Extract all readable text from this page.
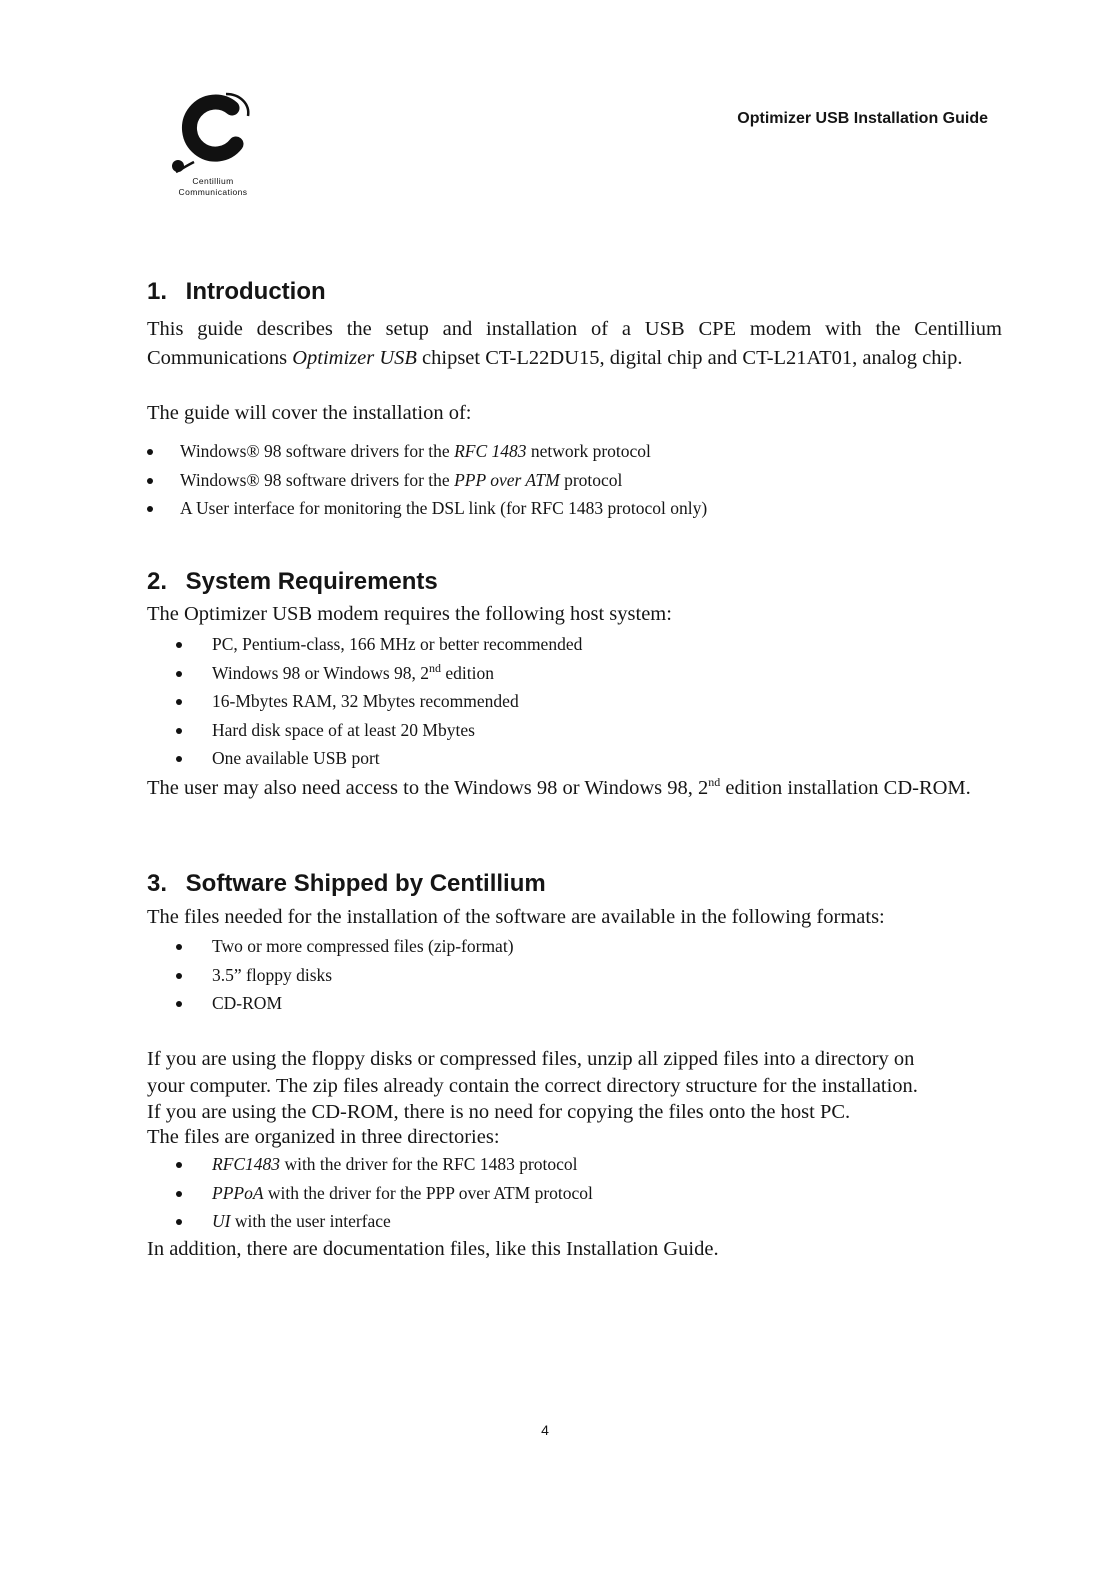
Centillium
Communications
Optimizer USB Installation Guide
1. Introduction

This guide describes the setup and installation of a USB CPE modem with the Centillium Communications Optimizer USB chipset CT-L22DU15, digital chip and CT-L21AT01, analog chip.

The guide will cover the installation of:
Windows® 98 software drivers for the RFC 1483 network protocol
Windows® 98 software drivers for the PPP over ATM protocol
A User interface for monitoring the DSL link (for RFC 1483 protocol only)
2. System Requirements
The Optimizer USB modem requires the following host system:
PC, Pentium-class, 166 MHz or better recommended
Windows 98 or Windows 98, 2nd edition
16-Mbytes RAM, 32 Mbytes recommended
Hard disk space of at least 20 Mbytes
One available USB port

The user may also need access to the Windows 98 or Windows 98, 2nd edition installation CD-ROM.

3. Software Shipped by Centillium
The files needed for the installation of the software are available in the following formats:
Two or more compressed files (zip-format)
3.5” floppy disks
CD-ROM
If you are using the floppy disks or compressed files, unzip all zipped files into a directory on
your computer. The zip files already contain the correct directory structure for the installation.
If you are using the CD-ROM, there is no need for copying the files onto the host PC.
The files are organized in three directories:
RFC1483 with the driver for the RFC 1483 protocol
PPPoA with the driver for the PPP over ATM protocol
UI with the user interface
In addition, there are documentation files, like this Installation Guide.
4
